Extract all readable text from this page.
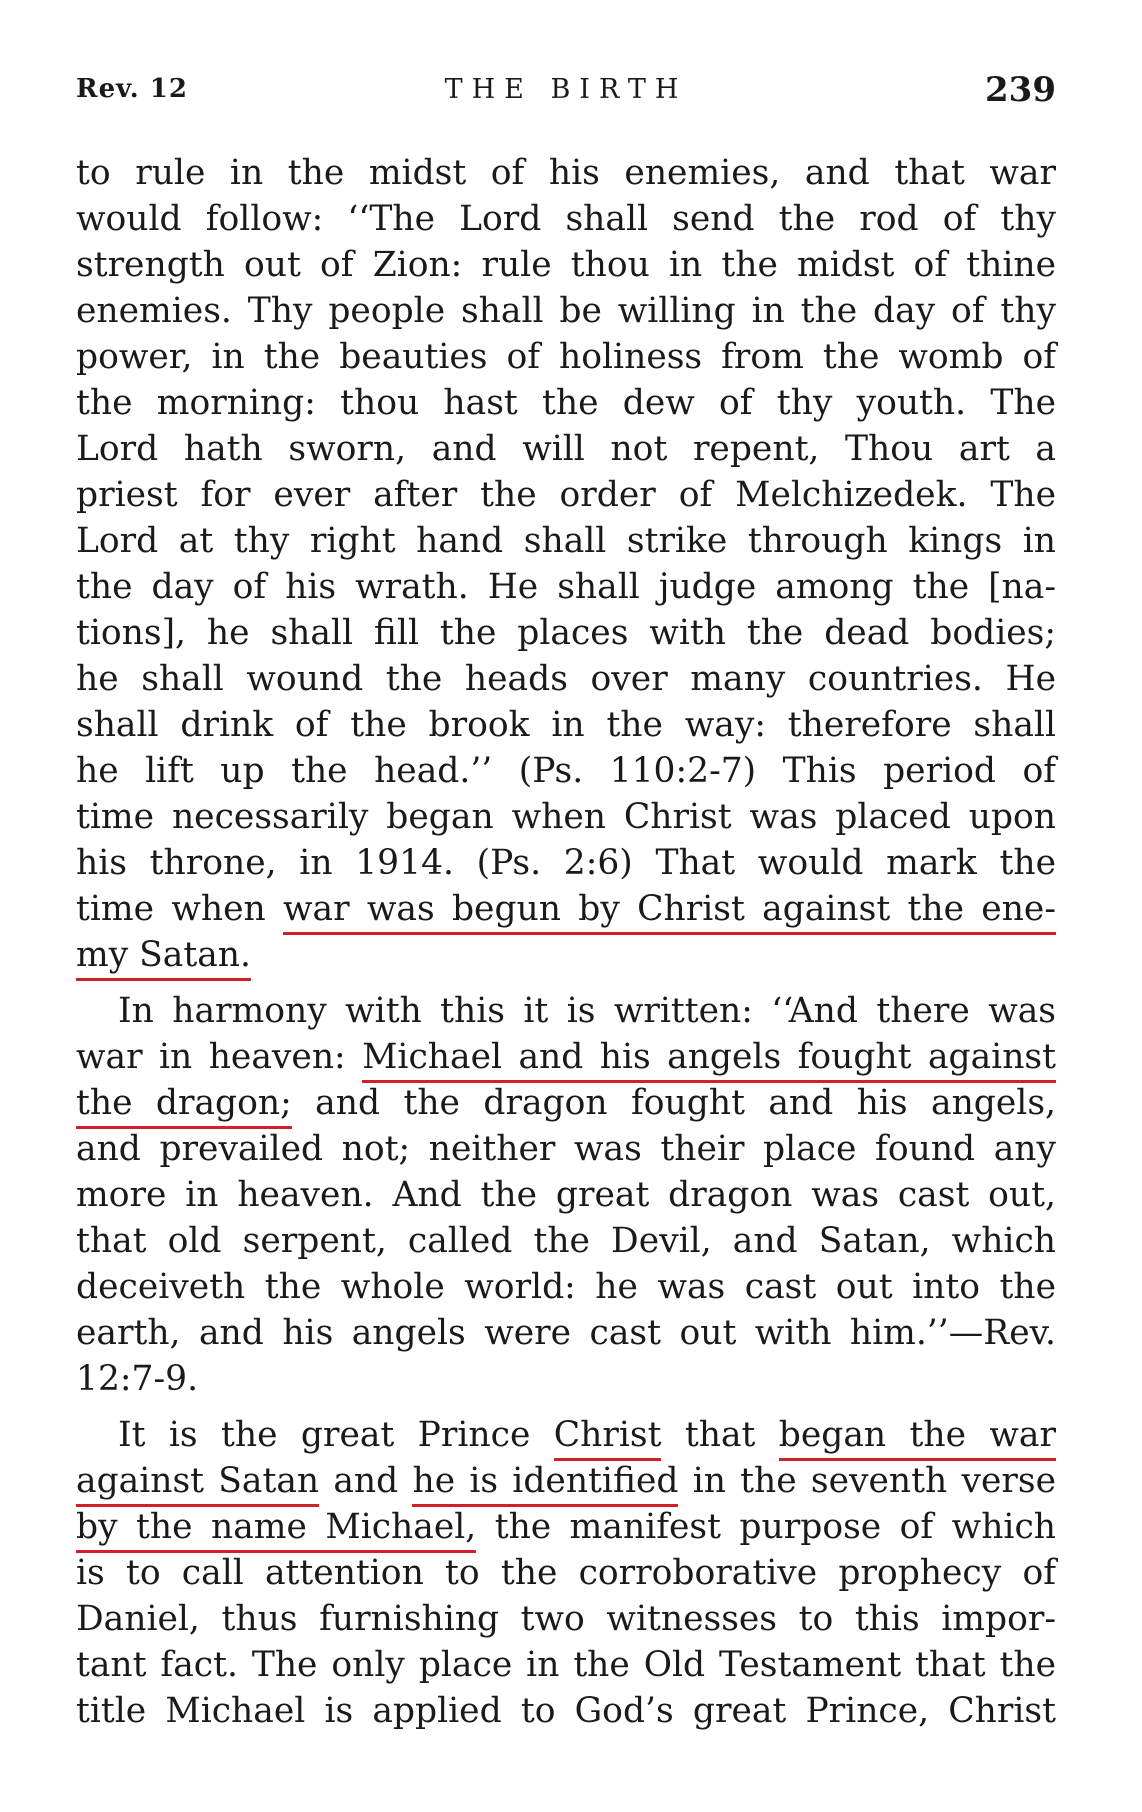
Rev. 12	THE BIRTH	239
to rule in the midst of his enemies, and that war
would follow: ‘‘The Lord shall send the rod of thy
strength out of Zion: rule thou in the midst of thine
enemies. Thy people shall be willing in the day of thy
power, in the beauties of holiness from the womb of
the morning: thou hast the dew of thy youth. The
Lord hath sworn, and will not repent, Thou art a
priest for ever after the order of Melchizedek. The
Lord at thy right hand shall strike through kings in
the day of his wrath. He shall judge among the [na-
tions], he shall fill the places with the dead bodies;
he shall wound the heads over many countries. He
shall drink of the brook in the way: therefore shall
he lift up the head.’’ (Ps. 110:2-7) This period of
time necessarily began when Christ was placed upon
his throne, in 1914. (Ps. 2:6) That would mark the
time when war was begun by Christ against the ene-
my Satan.
In harmony with this it is written: ‘‘And there was
war in heaven: Michael and his angels fought against
the dragon; and the dragon fought and his angels,
and prevailed not; neither was their place found any
more in heaven. And the great dragon was cast out,
that old serpent, called the Devil, and Satan, which
deceiveth the whole world: he was cast out into the
earth, and his angels were cast out with him.’’—Rev.
12:7-9.
It is the great Prince Christ that began the war
against Satan and he is identified in the seventh verse
by the name Michael, the manifest purpose of which
is to call attention to the corroborative prophecy of
Daniel, thus furnishing two witnesses to this impor-
tant fact. The only place in the Old Testament that the
title Michael is applied to God’s great Prince, Christ
